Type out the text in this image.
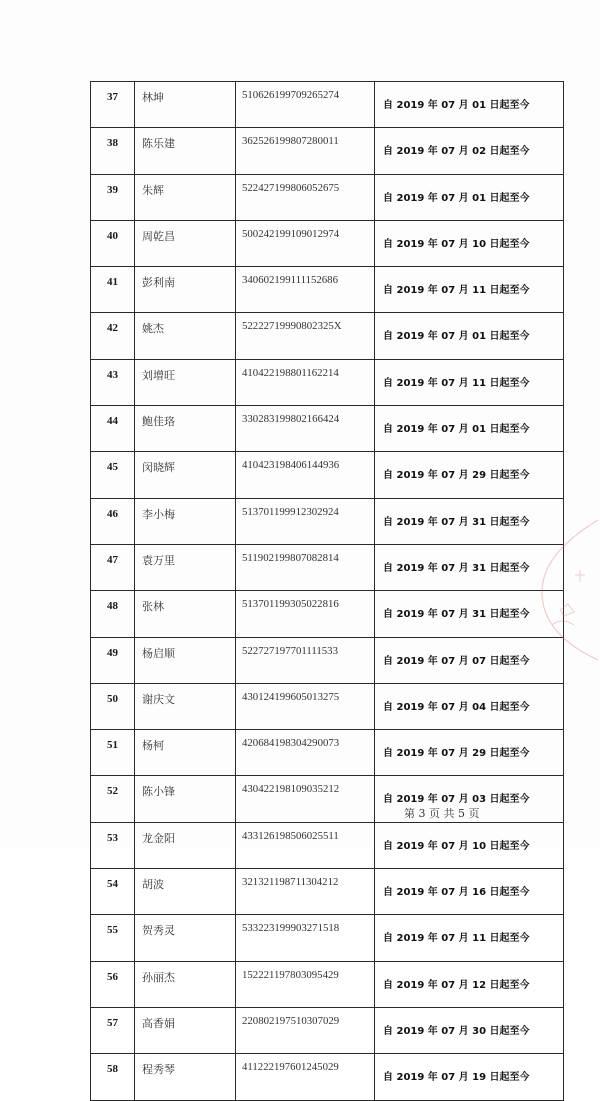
37	林坤	510626199709265274	自 2019 年 07 月 01 日起至今
38	陈乐建	362526199807280011	自 2019 年 07 月 02 日起至今
39	朱辉	522427199806052675	自 2019 年 07 月 01 日起至今
40	周乾昌	500242199109012974	自 2019 年 07 月 10 日起至今
41	彭利南	340602199111152686	自 2019 年 07 月 11 日起至今
42	姚杰	52222719990802325X	自 2019 年 07 月 01 日起至今
43	刘增旺	410422198801162214	自 2019 年 07 月 11 日起至今
44	鲍佳珞	330283199802166424	自 2019 年 07 月 01 日起至今
45	闵晓辉	410423198406144936	自 2019 年 07 月 29 日起至今
46	李小梅	513701199912302924	自 2019 年 07 月 31 日起至今
47	袁万里	511902199807082814	自 2019 年 07 月 31 日起至今
48	张林	513701199305022816	自 2019 年 07 月 31 日起至今
49	杨启顺	522727197701111533	自 2019 年 07 月 07 日起至今
50	谢庆文	430124199605013275	自 2019 年 07 月 04 日起至今
51	杨柯	420684198304290073	自 2019 年 07 月 29 日起至今
52	陈小锋	430422198109035212	自 2019 年 07 月 03 日起至今
53	龙金阳	433126198506025511	自 2019 年 07 月 10 日起至今
54	胡波	321321198711304212	自 2019 年 07 月 16 日起至今
55	贺秀灵	533223199903271518	自 2019 年 07 月 11 日起至今
56	孙丽杰	152221197803095429	自 2019 年 07 月 12 日起至今
57	高香娟	220802197510307029	自 2019 年 07 月 30 日起至今
58	程秀琴	411222197601245029	自 2019 年 07 月 19 日起至今
第 3 页 共 5 页
